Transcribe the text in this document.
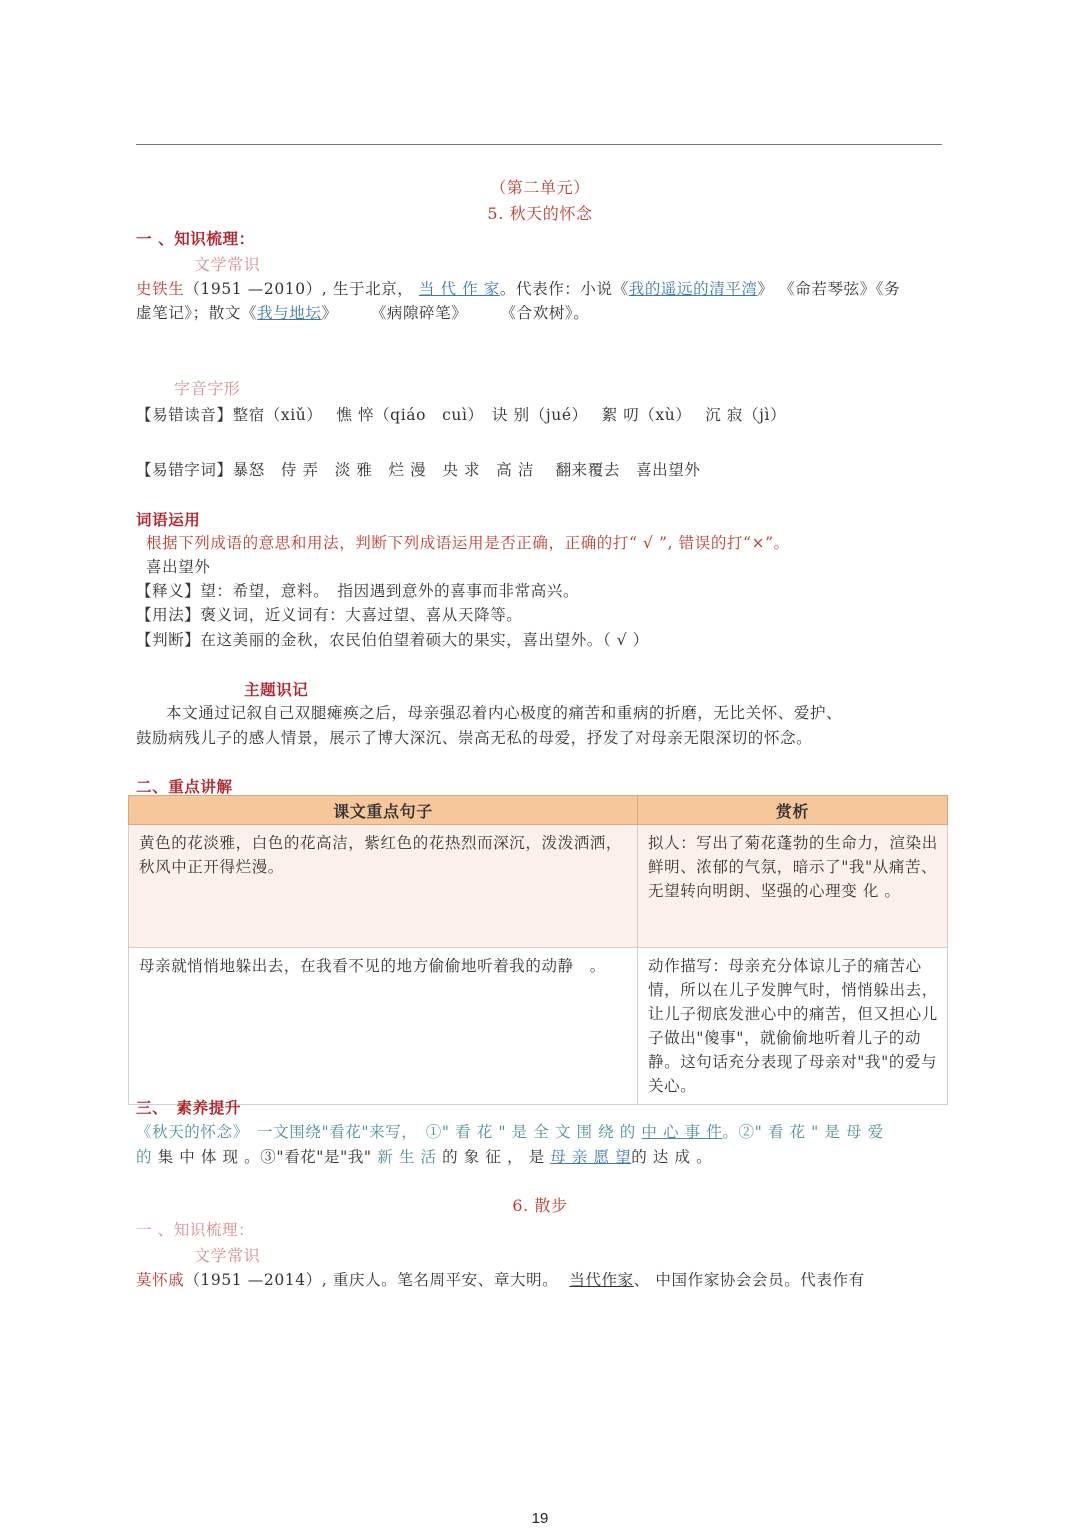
（第二单元）
5. 秋天的怀念
一 、知识梳理：
文学常识
史铁生（1951 —2010）, 生于北京， 当 代 作 家。代表作：小说《我的遥远的清平湾》 《命若琴弦》《务
虚笔记》；散文《我与地坛》 《病隙碎笔》 《合欢树》。
字音字形
【易错读音】整宿（xiǔ）　 憔 悴（qiáo　cuì）　诀 别（jué）　 絮 叨（xù）　 沉 寂（jì）
【易错字词】暴怒　侍 弄　淡 雅　烂 漫　央 求　高 洁　 翻来覆去　喜出望外
词语运用
根据下列成语的意思和用法，判断下列成语运用是否正确，正确的打“ √ ”, 错误的打“×”。
喜出望外
【释义】望：希望，意料。　指因遇到意外的喜事而非常高兴。
【用法】褒义词，近义词有：大喜过望、喜从天降等。
【判断】在这美丽的金秋，农民伯伯望着硕大的果实，喜出望外。（ √ ）
主题识记
本文通过记叙自己双腿瘫痪之后，母亲强忍着内心极度的痛苦和重病的折磨，无比关怀、爱护、
鼓励病残儿子的感人情景，展示了博大深沉、崇高无私的母爱，抒发了对母亲无限深切的怀念。
二、重点讲解
课文重点句子	赏析
黄色的花淡雅，白色的花高洁，紫红色的花热烈而深沉，泼泼洒洒，秋风中正开得烂漫。	拟人：写出了菊花蓬勃的生命力，渲染出鲜明、浓郁的气氛，暗示了"我"从痛苦、无望转向明朗、坚强的心理变 化 。
母亲就悄悄地躲出去，在我看不见的地方偷偷地听着我的动静　。	动作描写：母亲充分体谅儿子的痛苦心情，所以在儿子发脾气时，悄悄躲出去，让儿子彻底发泄心中的痛苦，但又担心儿子做出"傻事"，就偷偷地听着儿子的动静。这句话充分表现了母亲对"我"的爱与关心。
三、　素养提升
《秋天的怀念》　一文围绕"看花"来写，　①" 看 花 " 是 全 文 围 绕 的 中 心 事 件。②" 看 花 " 是 母 爱
的 集 中 体 现 。③"看花"是"我" 新 生 活 的 象 征 ， 是 母 亲 愿 望的 达 成 。
6. 散步
一 、知识梳理：
文学常识
莫怀戚（1951 —2014）, 重庆人。笔名周平安、章大明。 当代作家、 中国作家协会会员。代表作有
19
